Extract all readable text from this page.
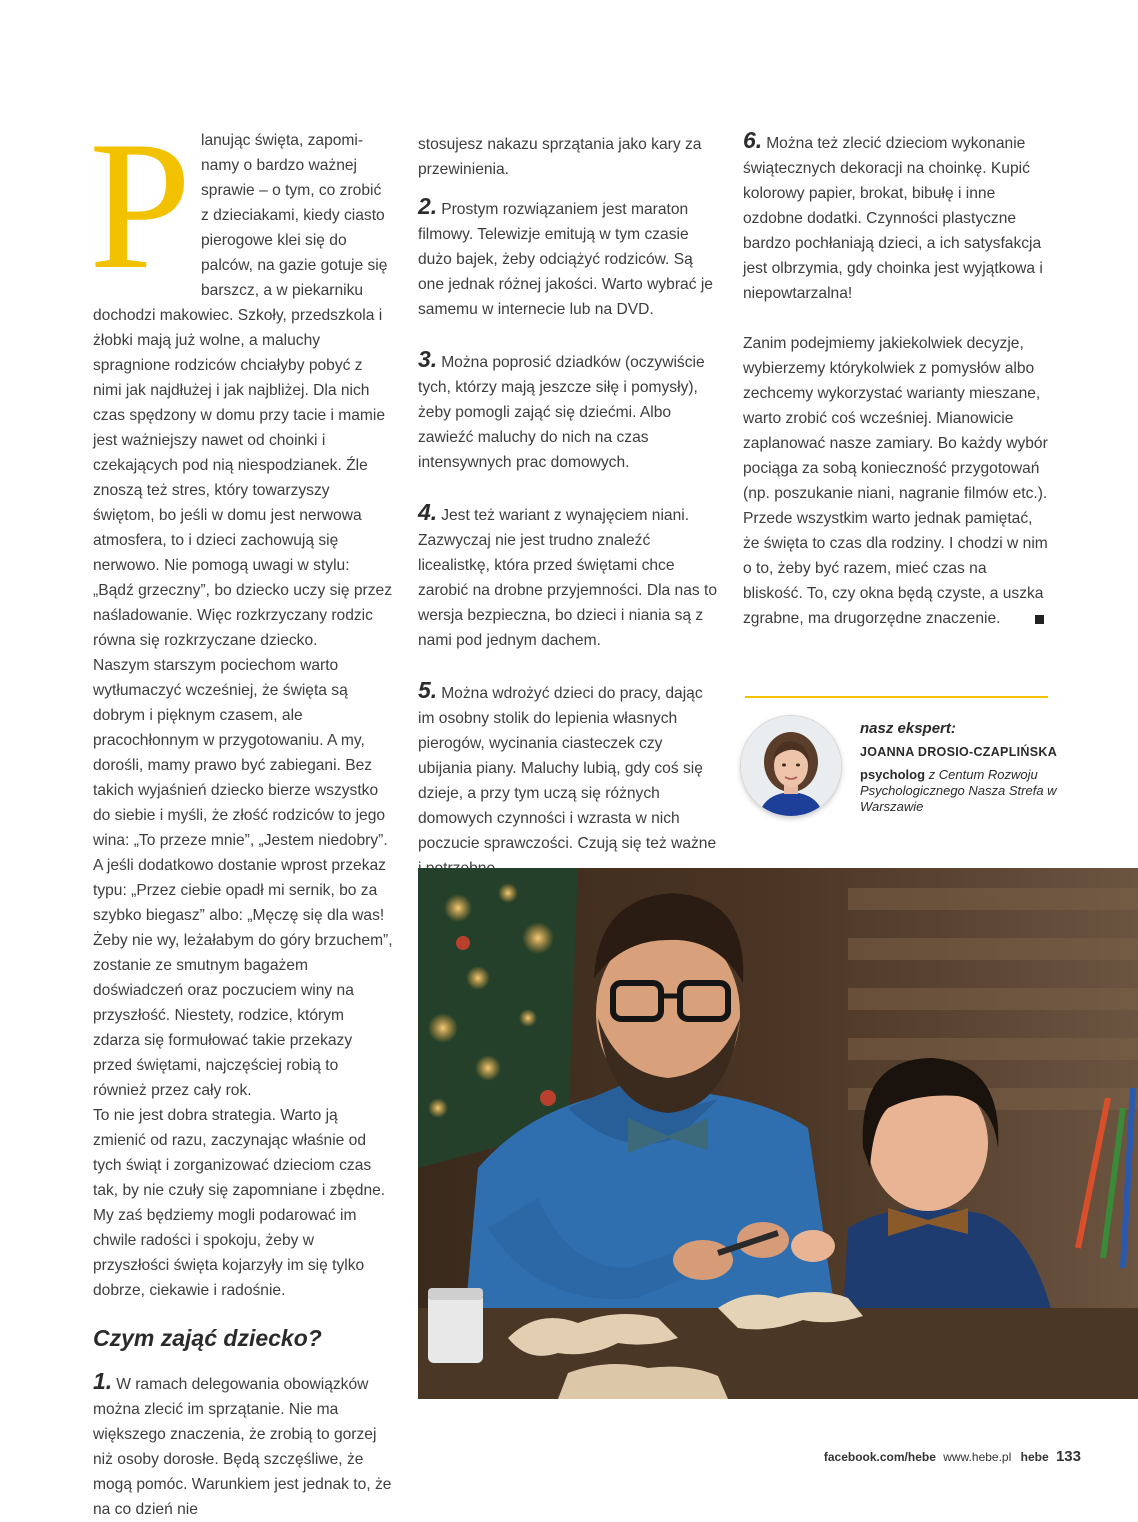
P lanując święta, zapomi-
namy o bardzo ważnej
sprawie – o tym, co zrobić
z dzieciakami, kiedy ciasto
pierogowe klei się do
palców, na gazie gotuje się barszcz, a w piekarniku dochodzi makowiec. Szkoły, przedszkola i żłobki mają już wolne, a maluchy spragnione rodziców chciałyby pobyć z nimi jak najdłużej i jak najbliżej. Dla nich czas spędzony w domu przy tacie i mamie jest ważniejszy nawet od choinki i czekających pod nią niespodzianek. Źle znoszą też stres, który towarzyszy świętom, bo jeśli w domu jest nerwowa atmosfera, to i dzieci zachowują się nerwowo. Nie pomogą uwagi w stylu: „Bądź grzeczny”, bo dziecko uczy się przez naśladowanie. Więc rozkrzyczany rodzic równa się rozkrzyczane dziecko.

Naszym starszym pociechom warto wytłumaczyć wcześniej, że święta są dobrym i pięknym czasem, ale pracochłonnym w przygotowaniu. A my, dorośli, mamy prawo być zabiegani. Bez takich wyjaśnień dziecko bierze wszystko do siebie i myśli, że złość rodziców to jego wina: „To przeze mnie”, „Jestem niedobry”. A jeśli dodatkowo dostanie wprost przekaz typu: „Przez ciebie opadł mi sernik, bo za szybko biegasz” albo: „Męczę się dla was! Żeby nie wy, leżałabym do góry brzuchem”, zostanie ze smutnym bagażem doświadczeń oraz poczuciem winy na przyszłość. Niestety, rodzice, którym zdarza się formułować takie przekazy przed świętami, najczęściej robią to również przez cały rok.

To nie jest dobra strategia. Warto ją zmienić od razu, zaczynając właśnie od tych świąt i zorganizować dzieciom czas tak, by nie czuły się zapomniane i zbędne. My zaś będziemy mogli podarować im chwile radości i spokoju, żeby w przyszłości święta kojarzyły im się tylko dobrze, ciekawie i radośnie.

Czym zająć dziecko?

1. W ramach delegowania obowiązków można zlecić im sprzątanie. Nie ma większego znaczenia, że zrobią to gorzej niż osoby dorosłe. Będą szczęśliwe, że mogą pomóc. Warunkiem jest jednak to, że na co dzień nie

stosujesz nakazu sprzątania jako kary za przewinienia.

2. Prostym rozwiązaniem jest maraton filmowy. Telewizje emitują w tym czasie dużo bajek, żeby odciążyć rodziców. Są one jednak różnej jakości. Warto wybrać je samemu w internecie lub na DVD.

3. Można poprosić dziadków (oczywiście tych, którzy mają jeszcze siłę i pomysły), żeby pomogli zająć się dziećmi. Albo zawieźć maluchy do nich na czas intensywnych prac domowych.

4. Jest też wariant z wynajęciem niani. Zazwyczaj nie jest trudno znaleźć licealistkę, która przed świętami chce zarobić na drobne przyjemności. Dla nas to wersja bezpieczna, bo dzieci i niania są z nami pod jednym dachem.

5. Można wdrożyć dzieci do pracy, dając im osobny stolik do lepienia własnych pierogów, wycinania ciasteczek czy ubijania piany. Maluchy lubią, gdy coś się dzieje, a przy tym uczą się różnych domowych czynności i wzrasta w nich poczucie sprawczości. Czują się też ważne

6. Można też zlecić dzieciom wykonanie świątecznych dekoracji na choinkę. Kupić kolorowy papier, brokat, bibułę i inne ozdobne dodatki. Czynności plastyczne bardzo pochłaniają dzieci, a ich satysfakcja jest olbrzymia, gdy choinka jest wyjątkowa i niepowtarzalna!

Zanim podejmiemy jakiekolwiek decyzje, wybierzemy którykolwiek z pomysłów albo zechcemy wykorzystać warianty mieszane, warto zrobić coś wcześniej. Mianowicie zaplanować nasze zamiary. Bo każdy wybór pociąga za sobą konieczność przygotowań (np. poszukanie niani, nagranie filmów etc.). Przede wszystkim warto jednak pamiętać, że święta to czas dla rodziny. I chodzi w nim o to, żeby być razem, mieć czas na bliskość. To, czy okna będą czyste, a uszka zgrabne, ma drugorzędne znaczenie.

nasz ekspert:
JOANNA DROSIO-CZAPLIŃSKA
psycholog z Centum Rozwoju Psychologicznego Nasza Strefa w Warszawie
facebook.com/hebe www.hebe.pl hebe 133
